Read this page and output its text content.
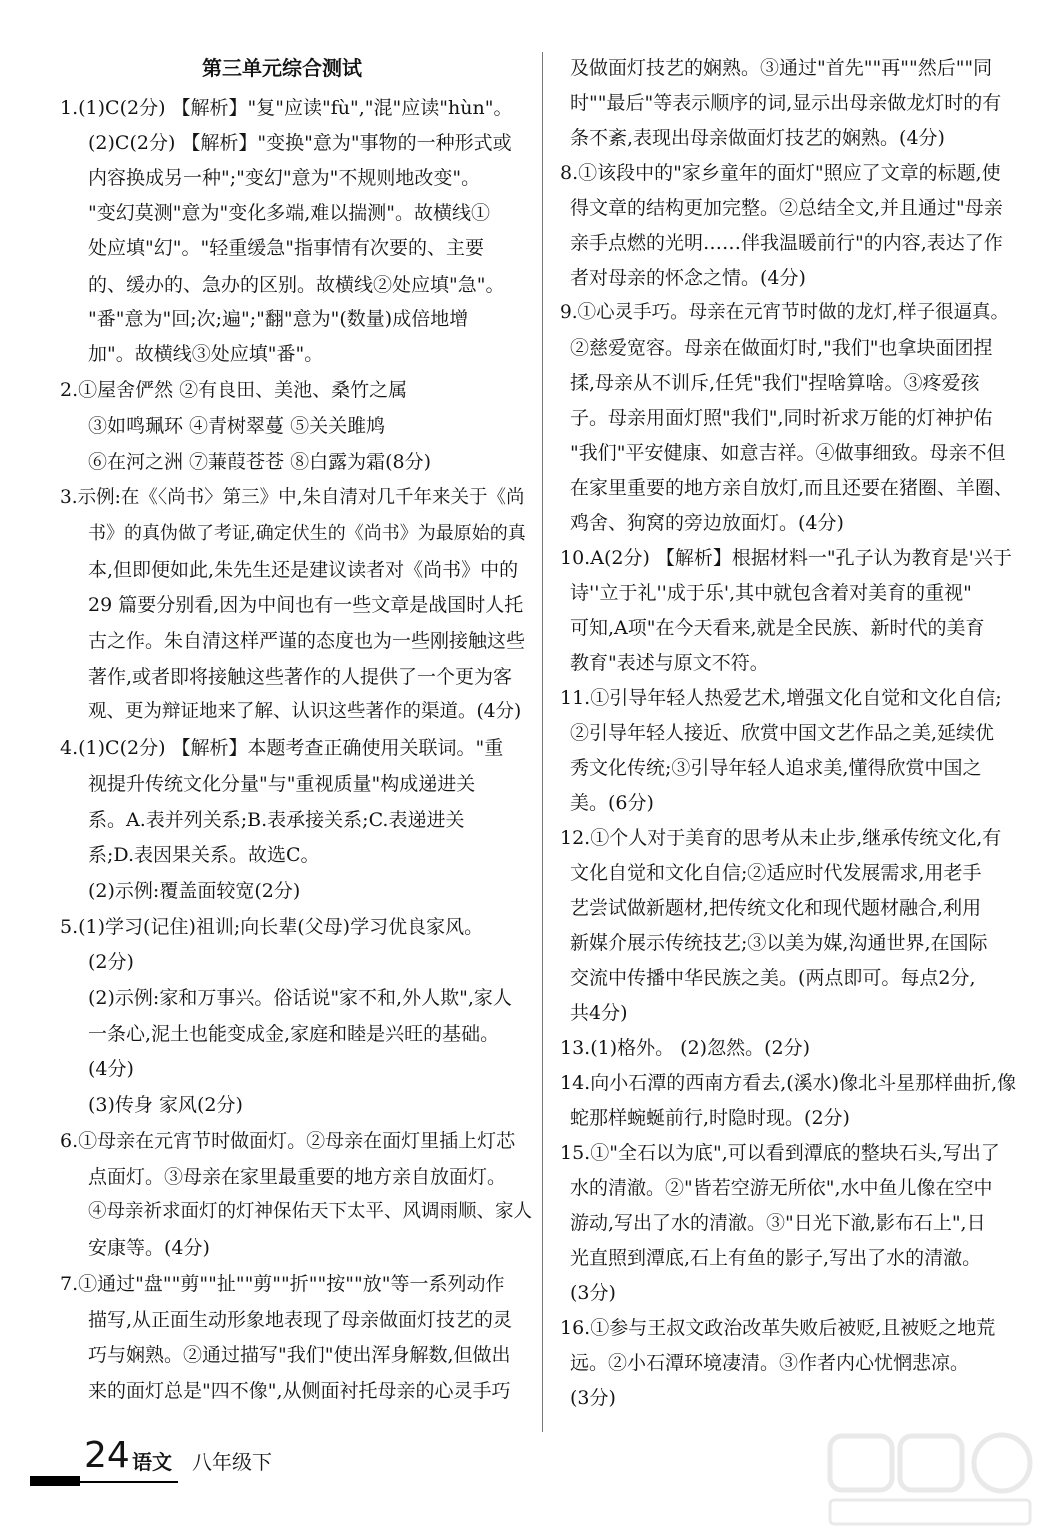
第三单元综合测试
1.(1)C(2分) 【解析】"复"应读"fù","混"应读"hùn"。
(2)C(2分) 【解析】"变换"意为"事物的一种形式或
内容换成另一种";"变幻"意为"不规则地改变"。
"变幻莫测"意为"变化多端,难以揣测"。故横线①
处应填"幻"。"轻重缓急"指事情有次要的、主要
的、缓办的、急办的区别。故横线②处应填"急"。
"番"意为"回;次;遍";"翻"意为"(数量)成倍地增
加"。故横线③处应填"番"。
2.①屋舍俨然 ②有良田、美池、桑竹之属
③如鸣珮环 ④青树翠蔓 ⑤关关雎鸠
⑥在河之洲 ⑦蒹葭苍苍 ⑧白露为霜(8分)
3.示例:在《〈尚书〉第三》中,朱自清对几千年来关于《尚
书》的真伪做了考证,确定伏生的《尚书》为最原始的真
本,但即便如此,朱先生还是建议读者对《尚书》中的
29 篇要分别看,因为中间也有一些文章是战国时人托
古之作。朱自清这样严谨的态度也为一些刚接触这些
著作,或者即将接触这些著作的人提供了一个更为客
观、更为辩证地来了解、认识这些著作的渠道。(4分)
4.(1)C(2分) 【解析】本题考查正确使用关联词。"重
视提升传统文化分量"与"重视质量"构成递进关
系。A.表并列关系;B.表承接关系;C.表递进关
系;D.表因果关系。故选C。
(2)示例:覆盖面较宽(2分)
5.(1)学习(记住)祖训;向长辈(父母)学习优良家风。
(2分)
(2)示例:家和万事兴。俗话说"家不和,外人欺",家人
一条心,泥土也能变成金,家庭和睦是兴旺的基础。
(4分)
(3)传身 家风(2分)
6.①母亲在元宵节时做面灯。②母亲在面灯里插上灯芯
点面灯。③母亲在家里最重要的地方亲自放面灯。
④母亲祈求面灯的灯神保佑天下太平、风调雨顺、家人
安康等。(4分)
7.①通过"盘""剪""扯""剪""折""按""放"等一系列动作
描写,从正面生动形象地表现了母亲做面灯技艺的灵
巧与娴熟。②通过描写"我们"使出浑身解数,但做出
来的面灯总是"四不像",从侧面衬托母亲的心灵手巧
及做面灯技艺的娴熟。③通过"首先""再""然后""同
时""最后"等表示顺序的词,显示出母亲做龙灯时的有
条不紊,表现出母亲做面灯技艺的娴熟。(4分)
8.①该段中的"家乡童年的面灯"照应了文章的标题,使
得文章的结构更加完整。②总结全文,并且通过"母亲
亲手点燃的光明……伴我温暖前行"的内容,表达了作
者对母亲的怀念之情。(4分)
9.①心灵手巧。母亲在元宵节时做的龙灯,样子很逼真。
②慈爱宽容。母亲在做面灯时,"我们"也拿块面团捏
揉,母亲从不训斥,任凭"我们"捏啥算啥。③疼爱孩
子。母亲用面灯照"我们",同时祈求万能的灯神护佑
"我们"平安健康、如意吉祥。④做事细致。母亲不但
在家里重要的地方亲自放灯,而且还要在猪圈、羊圈、
鸡舍、狗窝的旁边放面灯。(4分)
10.A(2分) 【解析】根据材料一"孔子认为教育是'兴于
诗''立于礼''成于乐',其中就包含着对美育的重视"
可知,A项"在今天看来,就是全民族、新时代的美育
教育"表述与原文不符。
11.①引导年轻人热爱艺术,增强文化自觉和文化自信;
②引导年轻人接近、欣赏中国文艺作品之美,延续优
秀文化传统;③引导年轻人追求美,懂得欣赏中国之
美。(6分)
12.①个人对于美育的思考从未止步,继承传统文化,有
文化自觉和文化自信;②适应时代发展需求,用老手
艺尝试做新题材,把传统文化和现代题材融合,利用
新媒介展示传统技艺;③以美为媒,沟通世界,在国际
交流中传播中华民族之美。(两点即可。每点2分,
共4分)
13.(1)格外。 (2)忽然。(2分)
14.向小石潭的西南方看去,(溪水)像北斗星那样曲折,像
蛇那样蜿蜒前行,时隐时现。(2分)
15.①"全石以为底",可以看到潭底的整块石头,写出了
水的清澈。②"皆若空游无所依",水中鱼儿像在空中
游动,写出了水的清澈。③"日光下澈,影布石上",日
光直照到潭底,石上有鱼的影子,写出了水的清澈。
(3分)
16.①参与王叔文政治改革失败后被贬,且被贬之地荒
远。②小石潭环境凄清。③作者内心忧惘悲凉。
(3分)
24 语文 八年级下
